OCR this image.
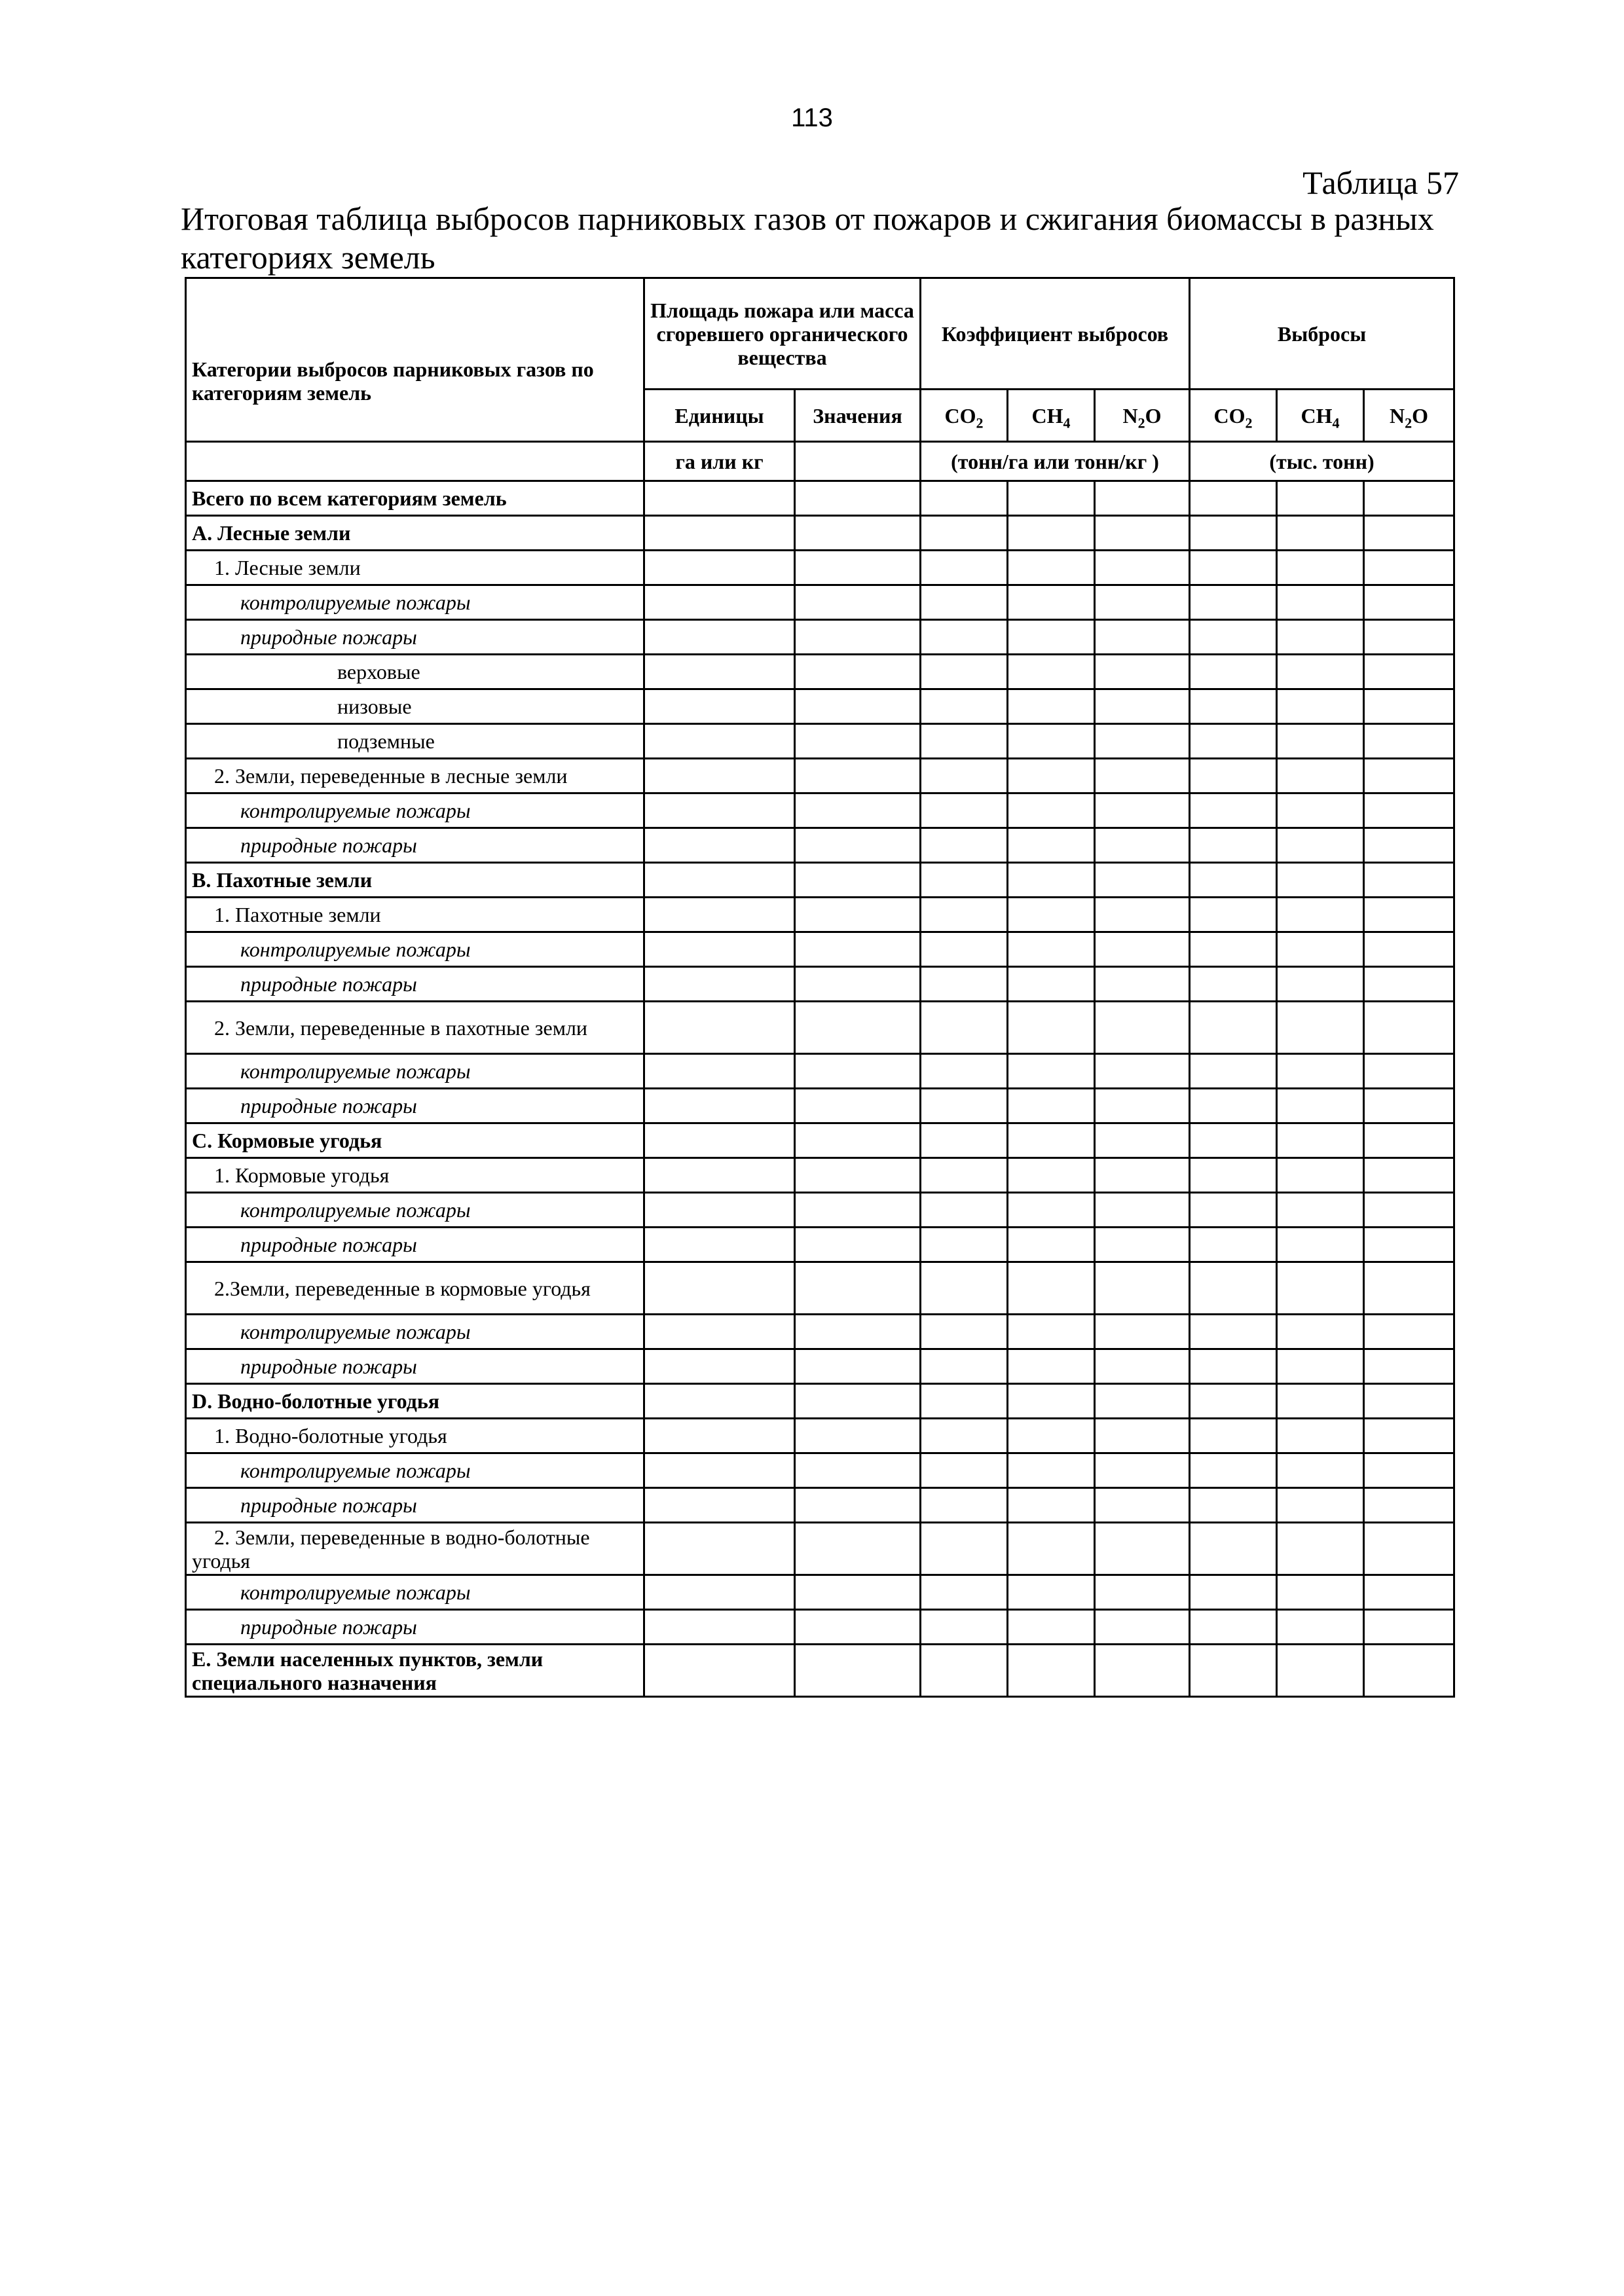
113
Таблица 57
Итоговая таблица выбросов парниковых газов от пожаров и сжигания биомассы в разных категориях земель
Категории выбросов парниковых газов по категориям земель	Площадь пожара или масса сгоревшего органического вещества		Коэффициент выбросов			Выбросы		
	Единицы	Значения	$CO_2$	$CH_4$	$N_2O$	$CO_2$	$CH_4$	$N_2O$
	га или кг		(тонн/га или тонн/кг )			(тыс. тонн)		
Всего по всем категориям земель								
А. Лесные земли								
1. Лесные земли								
контролируемые пожары								
природные пожары								
верховые								
низовые								
подземные								
2. Земли, переведенные в лесные земли								
контролируемые пожары								
природные пожары								
В. Пахотные земли								
1. Пахотные земли								
контролируемые пожары								
природные пожары								
2. Земли, переведенные в пахотные земли								
контролируемые пожары								
природные пожары								
С. Кормовые угодья								
1. Кормовые угодья								
контролируемые пожары								
природные пожары								
2.Земли, переведенные в кормовые угодья								
контролируемые пожары								
природные пожары								
D. Водно-болотные угодья								
1. Водно-болотные угодья								
контролируемые пожары								
природные пожары								
2. Земли, переведенные в водно-болотные угодья								
контролируемые пожары								
природные пожары								
Е. Земли населенных пунктов, земли специального назначения								
